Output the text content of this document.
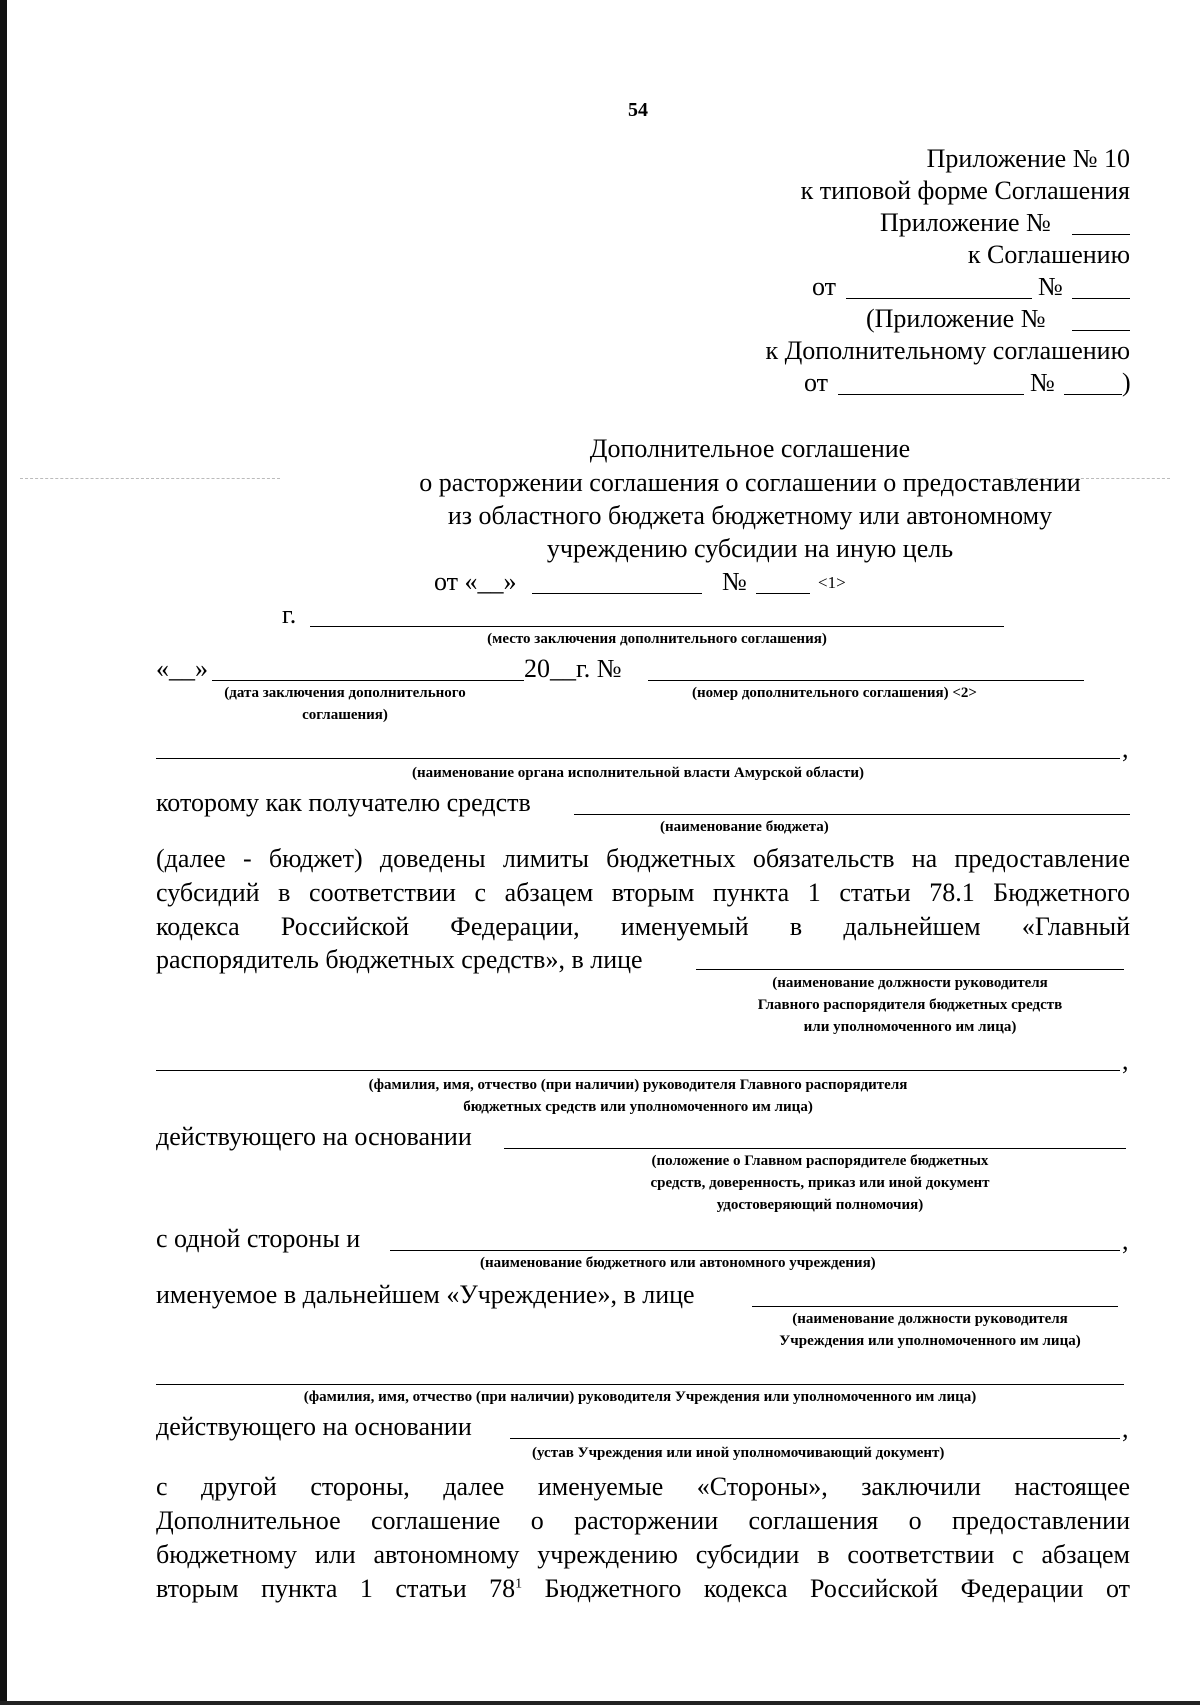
54
Приложение № 10
к типовой форме Соглашения
Приложение №
к Соглашению
от	№
(Приложение №
к Дополнительному соглашению
от	№	)
Дополнительное соглашение
о расторжении соглашения о соглашении о предоставлении
из областного бюджета бюджетному или автономному
учреждению субсидии на иную цель
от «__»	№	<1>
г.
(место заключения дополнительного соглашения)
«__»	20__г. №
(дата заключения дополнительного
соглашения)
(номер дополнительного соглашения) <2>
,
(наименование органа исполнительной власти Амурской области)
которому как получателю средств
(наименование бюджета)
(далее - бюджет) доведены лимиты бюджетных обязательств на предоставление
субсидий в соответствии с абзацем вторым пункта 1 статьи 78.1 Бюджетного
кодекса Российской Федерации, именуемый в дальнейшем «Главный
распорядитель бюджетных средств», в лице
(наименование должности руководителя
Главного распорядителя бюджетных средств
или уполномоченного им лица)
,
(фамилия, имя, отчество (при наличии) руководителя Главного распорядителя
бюджетных средств или уполномоченного им лица)
действующего на основании
(положение о Главном распорядителе бюджетных
средств, доверенность, приказ или иной документ
удостоверяющий полномочия)
с одной стороны и	,
(наименование бюджетного или автономного учреждения)
именуемое в дальнейшем «Учреждение», в лице
(наименование должности руководителя
Учреждения или уполномоченного им лица)
(фамилия, имя, отчество (при наличии) руководителя Учреждения или уполномоченного им лица)
действующего на основании	,
(устав Учреждения или иной уполномочивающий документ)
с другой стороны, далее именуемые «Стороны», заключили настоящее
Дополнительное соглашение о расторжении соглашения о предоставлении
бюджетному или автономному учреждению субсидии в соответствии с абзацем
вторым пункта 1 статьи $78^1$ Бюджетного кодекса Российской Федерации от
